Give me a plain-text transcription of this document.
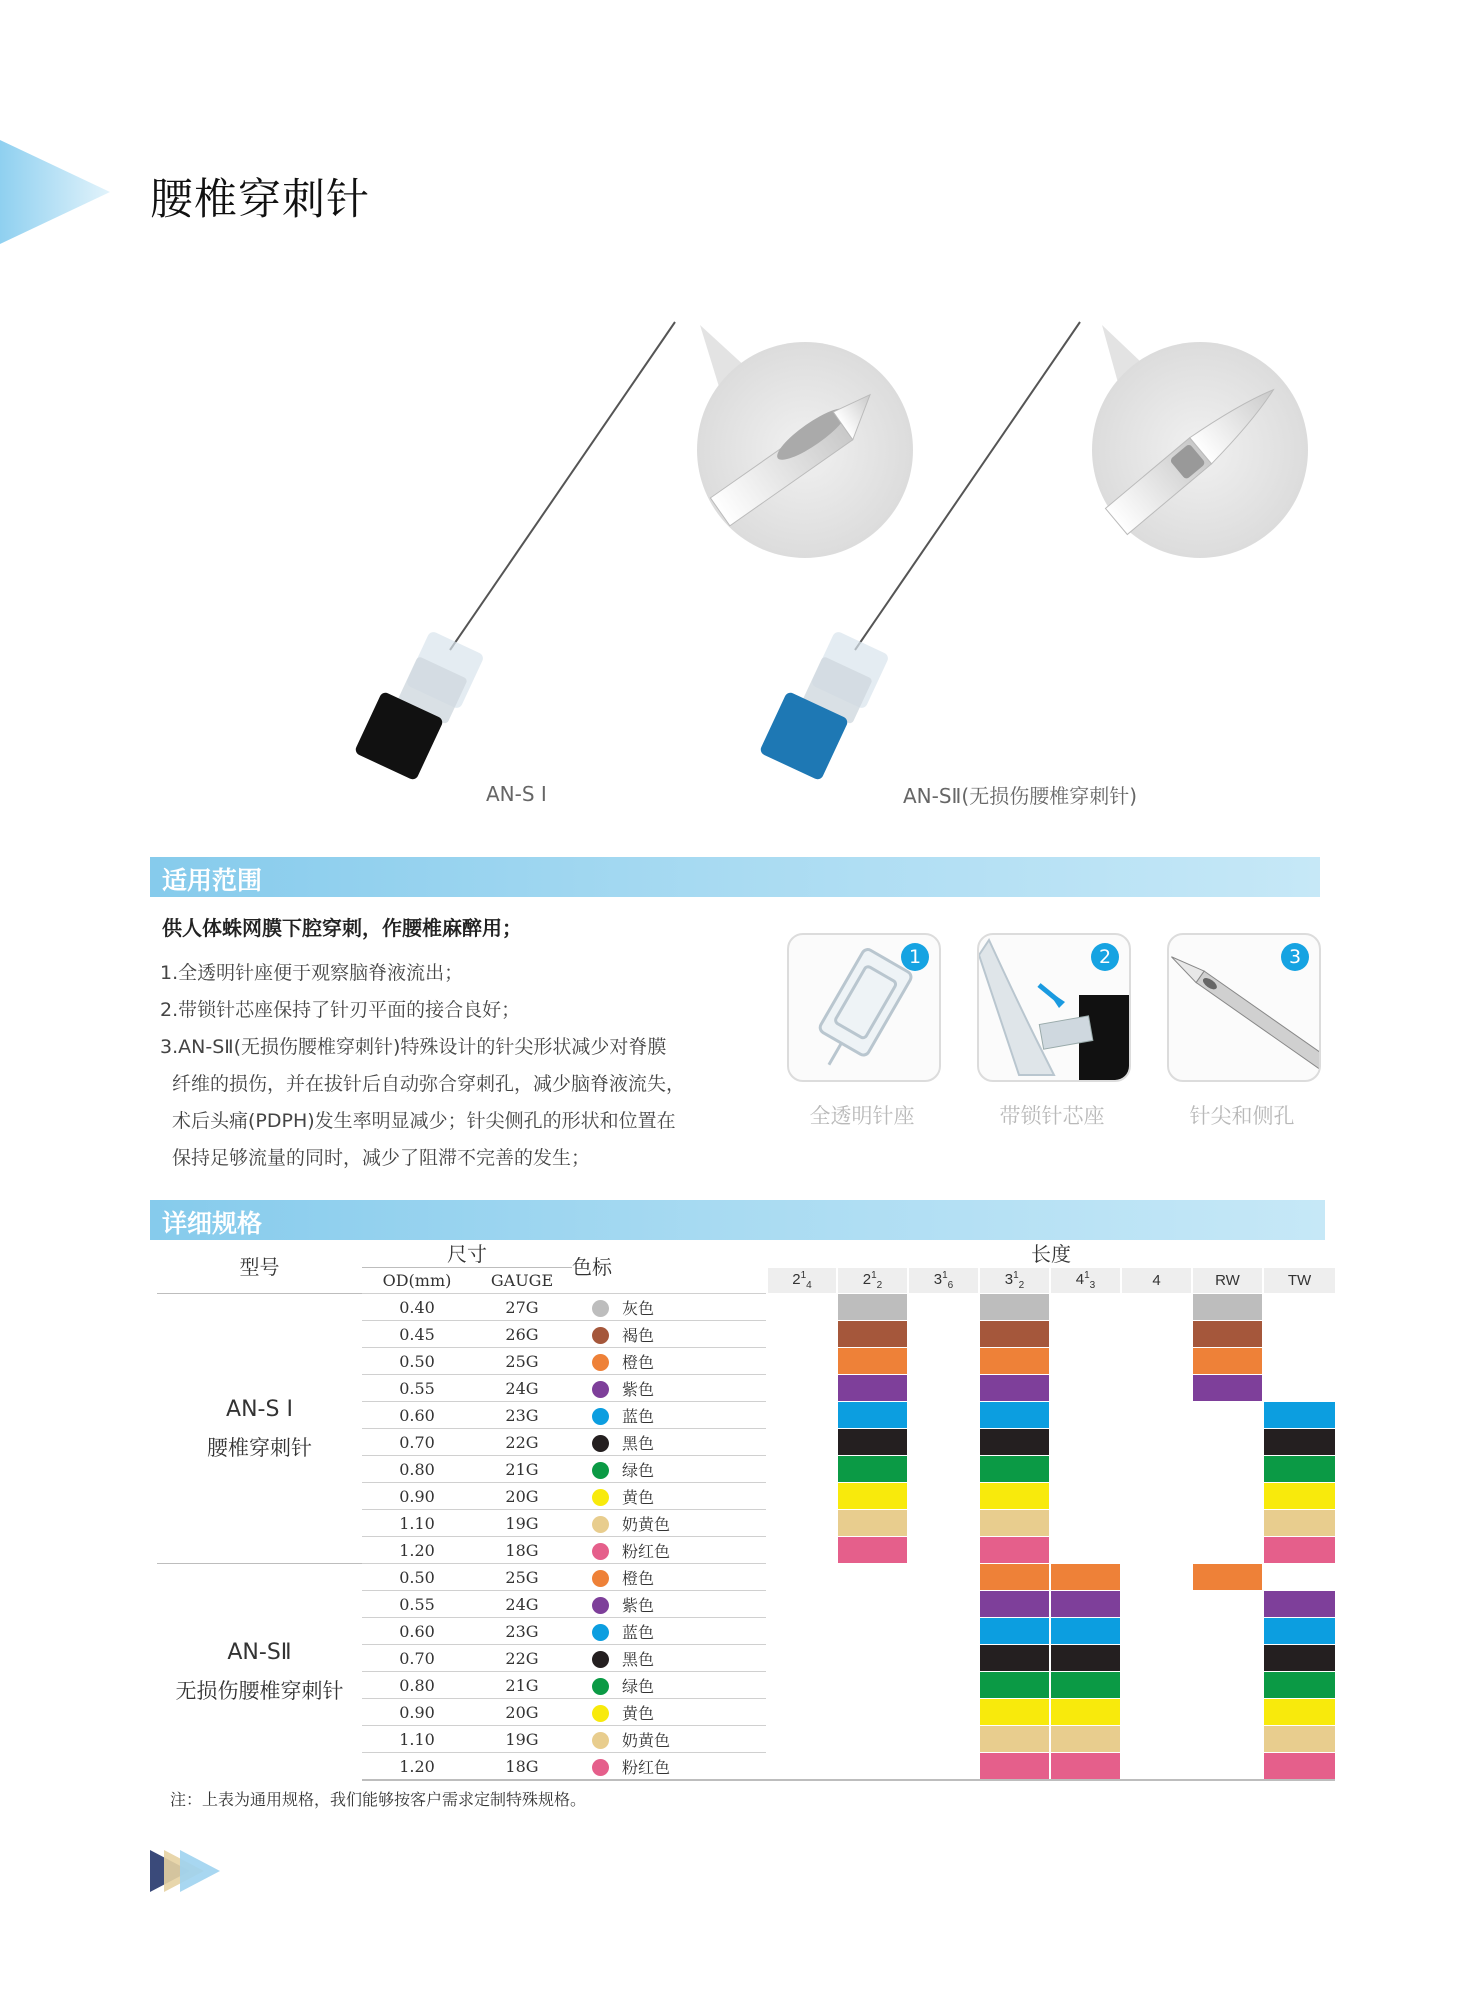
腰椎穿刺针
AN-S I	AN-SⅡ(无损伤腰椎穿刺针)
适用范围
供人体蛛网膜下腔穿刺，作腰椎麻醉用；

1.全透明针座便于观察脑脊液流出；

2.带锁针芯座保持了针刃平面的接合良好；

3.AN-SⅡ(无损伤腰椎穿刺针)特殊设计的针尖形状减少对脊膜

纤维的损伤，并在拔针后自动弥合穿刺孔，减少脑脊液流失，

术后头痛(PDPH)发生率明显减少；针尖侧孔的形状和位置在

保持足够流量的同时，减少了阻滞不完善的发生；

1	2	3
全透明针座	带锁针芯座	针尖和侧孔
详细规格
型号	尺寸		色标	长度							
	OD(mm)	GAUGE		$2^1_4$	$2^1_2$	$3^1_6$	$3^1_2$	$4^1_3$	4	RW	TW

AN-S I
腰椎穿刺针	0.40	27G	灰色								
	0.45	26G	褐色								
	0.50	25G	橙色								
	0.55	24G	紫色								
	0.60	23G	蓝色								
	0.70	22G	黑色								
	0.80	21G	绿色								
	0.90	20G	黄色								
	1.10	19G	奶黄色								
	1.20	18G	粉红色								

AN-SⅡ
无损伤腰椎穿刺针	0.50	25G	橙色								
	0.55	24G	紫色								
	0.60	23G	蓝色								
	0.70	22G	黑色								
	0.80	21G	绿色								
	0.90	20G	黄色								
	1.10	19G	奶黄色								
	1.20	18G	粉红色								
注：上表为通用规格，我们能够按客户需求定制特殊规格。
